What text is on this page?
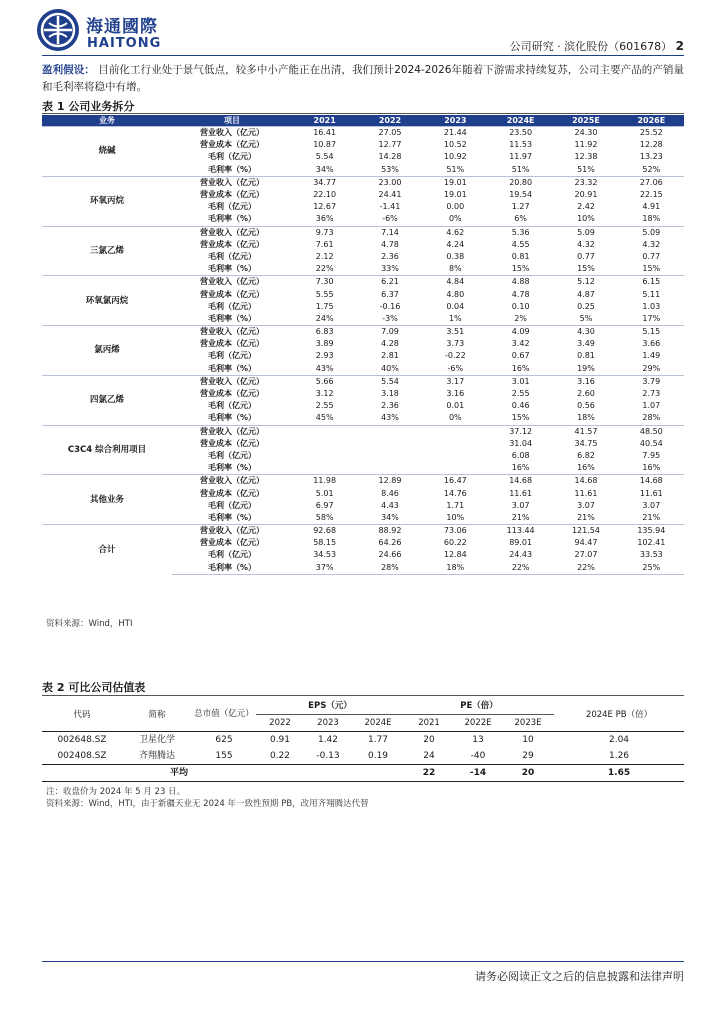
海通國際
HAITONG	公司研究 · 滨化股份（601678） 2
盈利假设： 目前化工行业处于景气低点，较多中小产能正在出清，我们预计2024-2026年随着下游需求持续复苏，公司主要产品的产销量和毛利率将稳中有增。
表 1 公司业务拆分
业务	项目	2021	2022	2023	2024E	2025E	2026E
烧碱	营业收入（亿元）	16.41	27.05	21.44	23.50	24.30	25.52
	营业成本（亿元）	10.87	12.77	10.52	11.53	11.92	12.28
	毛利（亿元）	5.54	14.28	10.92	11.97	12.38	13.23
	毛利率（%）	34%	53%	51%	51%	51%	52%
环氧丙烷	营业收入（亿元）	34.77	23.00	19.01	20.80	23.32	27.06
	营业成本（亿元）	22.10	24.41	19.01	19.54	20.91	22.15
	毛利（亿元）	12.67	-1.41	0.00	1.27	2.42	4.91
	毛利率（%）	36%	-6%	0%	6%	10%	18%
三氯乙烯	营业收入（亿元）	9.73	7.14	4.62	5.36	5.09	5.09
	营业成本（亿元）	7.61	4.78	4.24	4.55	4.32	4.32
	毛利（亿元）	2.12	2.36	0.38	0.81	0.77	0.77
	毛利率（%）	22%	33%	8%	15%	15%	15%
环氧氯丙烷	营业收入（亿元）	7.30	6.21	4.84	4.88	5.12	6.15
	营业成本（亿元）	5.55	6.37	4.80	4.78	4.87	5.11
	毛利（亿元）	1.75	-0.16	0.04	0.10	0.25	1.03
	毛利率（%）	24%	-3%	1%	2%	5%	17%
氯丙烯	营业收入（亿元）	6.83	7.09	3.51	4.09	4.30	5.15
	营业成本（亿元）	3.89	4.28	3.73	3.42	3.49	3.66
	毛利（亿元）	2.93	2.81	-0.22	0.67	0.81	1.49
	毛利率（%）	43%	40%	-6%	16%	19%	29%
四氯乙烯	营业收入（亿元）	5.66	5.54	3.17	3.01	3.16	3.79
	营业成本（亿元）	3.12	3.18	3.16	2.55	2.60	2.73
	毛利（亿元）	2.55	2.36	0.01	0.46	0.56	1.07
	毛利率（%）	45%	43%	0%	15%	18%	28%
C3C4 综合利用项目	营业收入（亿元）				37.12	41.57	48.50
	营业成本（亿元）				31.04	34.75	40.54
	毛利（亿元）				6.08	6.82	7.95
	毛利率（%）				16%	16%	16%
其他业务	营业收入（亿元）	11.98	12.89	16.47	14.68	14.68	14.68
	营业成本（亿元）	5.01	8.46	14.76	11.61	11.61	11.61
	毛利（亿元）	6.97	4.43	1.71	3.07	3.07	3.07
	毛利率（%）	58%	34%	10%	21%	21%	21%
合计	营业收入（亿元）	92.68	88.92	73.06	113.44	121.54	135.94
	营业成本（亿元）	58.15	64.26	60.22	89.01	94.47	102.41
	毛利（亿元）	34.53	24.66	12.84	24.43	27.07	33.53
	毛利率（%）	37%	28%	18%	22%	22%	25%
资料来源：Wind，HTI
表 2 可比公司估值表
代码	简称	总市值（亿元）	EPS（元）			PE（倍）			2024E PB（倍）
			2022	2023	2024E	2021	2022E	2023E	
002648.SZ	卫星化学	625	0.91	1.42	1.77	20	13	10	2.04
002408.SZ	齐翔腾达	155	0.22	-0.13	0.19	24	-40	29	1.26
平均						22	-14	20	1.65
注：收盘价为 2024 年 5 月 23 日。
资料来源：Wind，HTI，由于新疆天业无 2024 年一致性预期 PB，改用齐翔腾达代替
请务必阅读正文之后的信息披露和法律声明
